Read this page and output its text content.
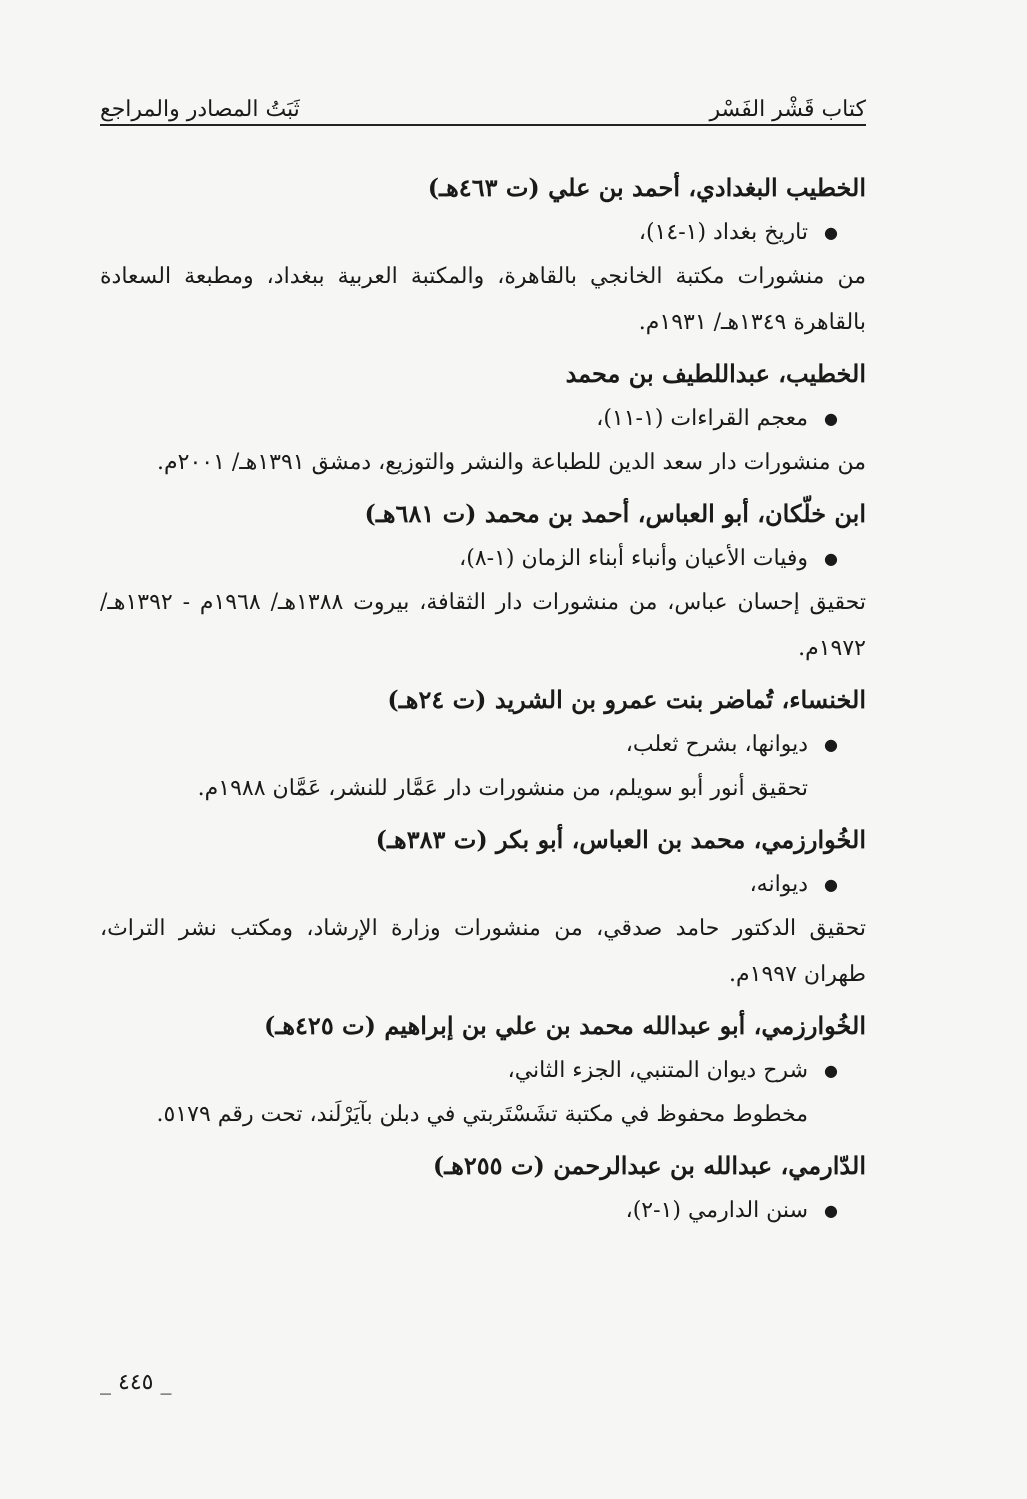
كتاب قَشْر الفَسْر
ثَبَتُ المصادر والمراجع
الخطيب البغدادي، أحمد بن علي (ت ٤٦٣هـ)
●
تاريخ بغداد (١-١٤)،
من منشورات مكتبة الخانجي بالقاهرة، والمكتبة العربية ببغداد، ومطبعة السعادة بالقاهرة ١٣٤٩هـ/ ١٩٣١م.
الخطيب، عبداللطيف بن محمد
●
معجم القراءات (١-١١)،
من منشورات دار سعد الدين للطباعة والنشر والتوزيع، دمشق ١٣٩١هـ/ ٢٠٠١م.
ابن خلّكان، أبو العباس، أحمد بن محمد (ت ٦٨١هـ)
●
وفيات الأعيان وأنباء أبناء الزمان (١-٨)،
تحقيق إحسان عباس، من منشورات دار الثقافة، بيروت ١٣٨٨هـ/ ١٩٦٨م - ١٣٩٢هـ/ ١٩٧٢م.
الخنساء، تُماضر بنت عمرو بن الشريد (ت ٢٤هـ)
●
ديوانها، بشرح ثعلب،
تحقيق أنور أبو سويلم، من منشورات دار عَمَّار للنشر، عَمَّان ١٩٨٨م.
الخُوارزمي، محمد بن العباس، أبو بكر (ت ٣٨٣هـ)
●
ديوانه،
تحقيق الدكتور حامد صدقي، من منشورات وزارة الإرشاد، ومكتب نشر التراث، طهران ١٩٩٧م.
الخُوارزمي، أبو عبدالله محمد بن علي بن إبراهيم (ت ٤٢٥هـ)
●
شرح ديوان المتنبي، الجزء الثاني،
مخطوط محفوظ في مكتبة تشَسْتَربتي في دبلن بآيَرْلَند، تحت رقم ٥١٧٩.
الدّارمي، عبدالله بن عبدالرحمن (ت ٢٥٥هـ)
●
سنن الدارمي (١-٢)،
_ ٤٤٥ _
